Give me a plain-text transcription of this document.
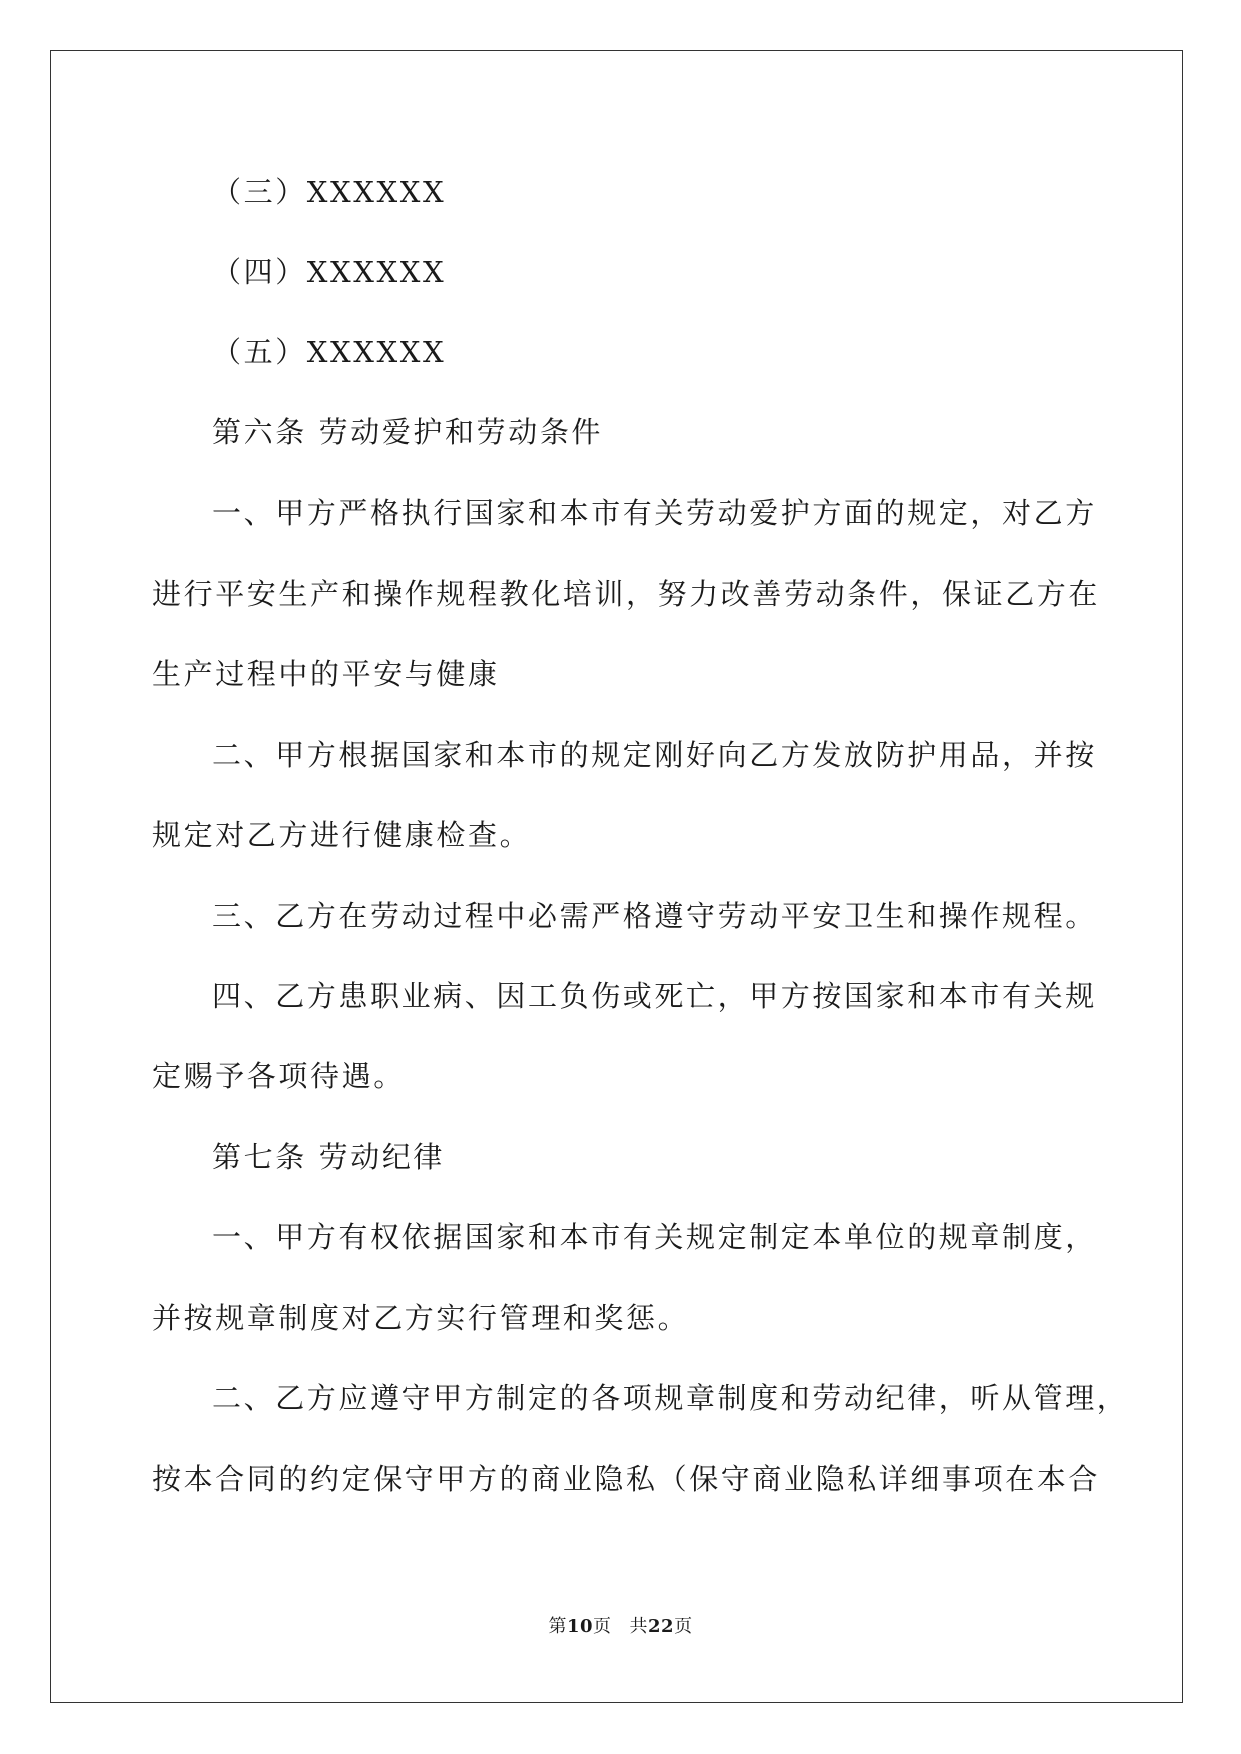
（三）XXXXXX
（四）XXXXXX
（五）XXXXXX
第六条 劳动爱护和劳动条件
一、甲方严格执行国家和本市有关劳动爱护方面的规定，对乙方
进行平安生产和操作规程教化培训，努力改善劳动条件，保证乙方在
生产过程中的平安与健康
二、甲方根据国家和本市的规定刚好向乙方发放防护用品，并按
规定对乙方进行健康检查。
三、乙方在劳动过程中必需严格遵守劳动平安卫生和操作规程。
四、乙方患职业病、因工负伤或死亡，甲方按国家和本市有关规
定赐予各项待遇。
第七条 劳动纪律
一、甲方有权依据国家和本市有关规定制定本单位的规章制度，
并按规章制度对乙方实行管理和奖惩。
二、乙方应遵守甲方制定的各项规章制度和劳动纪律，听从管理，
按本合同的约定保守甲方的商业隐私（保守商业隐私详细事项在本合
第10页 共22页
